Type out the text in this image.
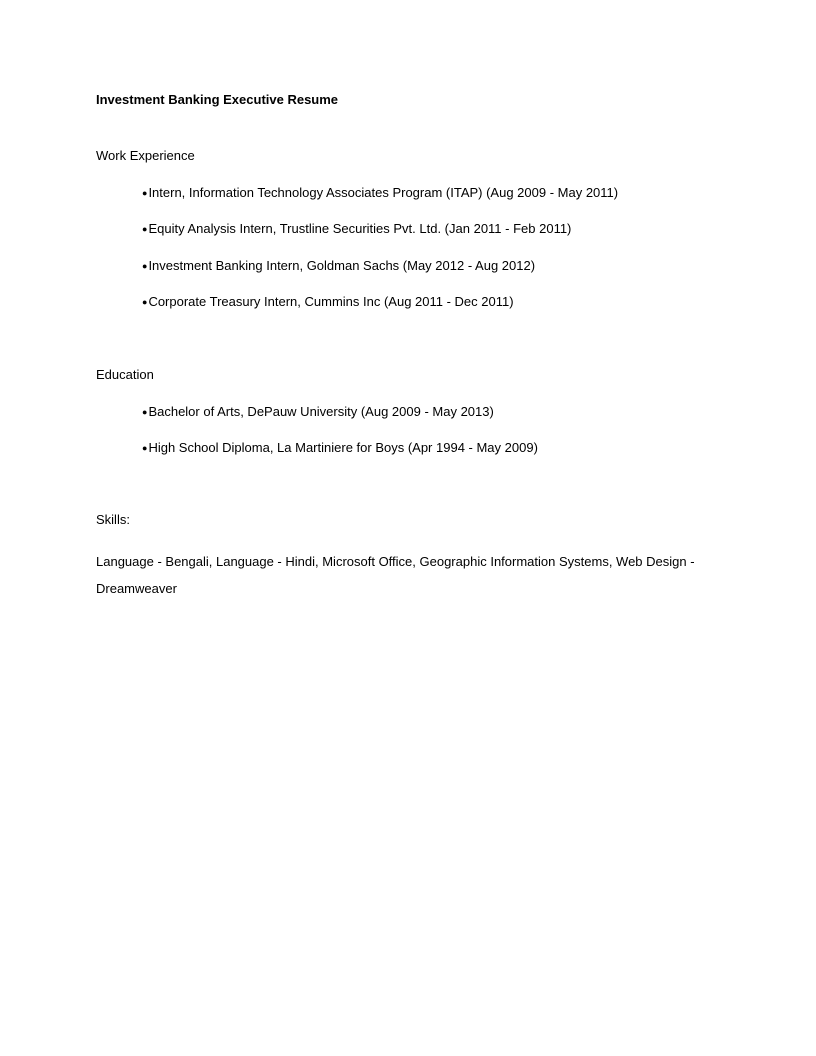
Investment Banking Executive Resume
Work Experience
●Intern, Information Technology Associates Program (ITAP) (Aug 2009 - May 2011)
●Equity Analysis Intern, Trustline Securities Pvt. Ltd. (Jan 2011 - Feb 2011)
●Investment Banking Intern, Goldman Sachs (May 2012 - Aug 2012)
●Corporate Treasury Intern, Cummins Inc (Aug 2011 - Dec 2011)
Education
●Bachelor of Arts, DePauw University (Aug 2009 - May 2013)
●High School Diploma, La Martiniere for Boys (Apr 1994 - May 2009)
Skills:

Language - Bengali, Language - Hindi, Microsoft Office, Geographic Information Systems, Web Design - Dreamweaver
